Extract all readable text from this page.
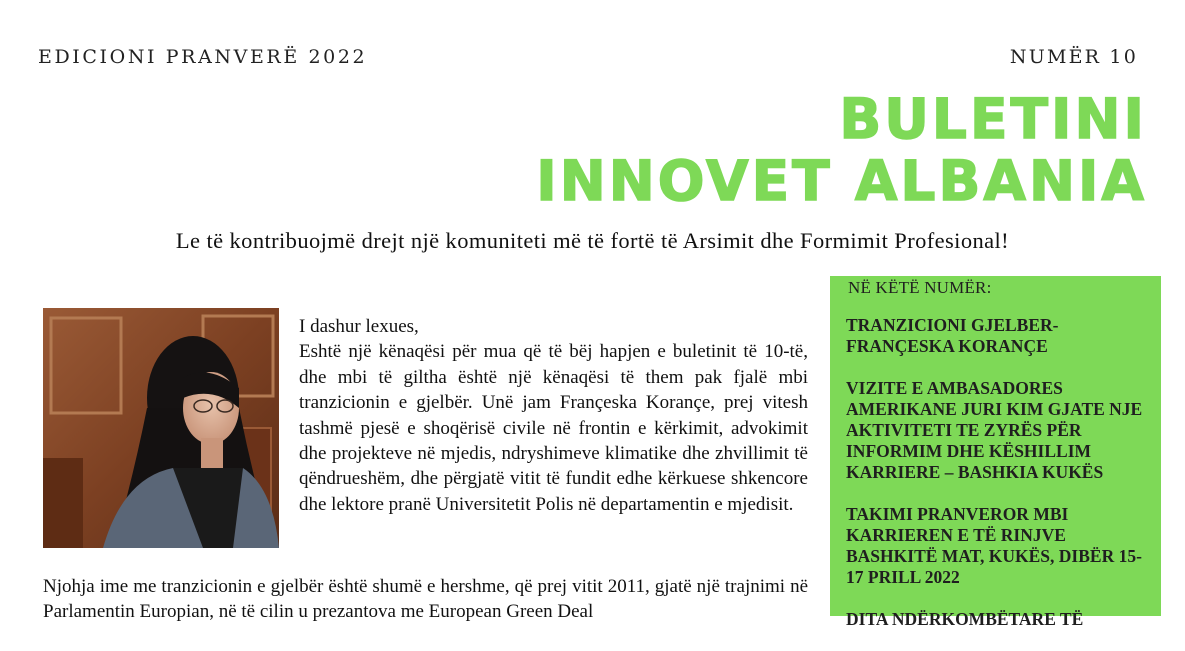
EDICIONI PRANVERË 2022	NUMËR 10
BULETINI
INNOVET ALBANIA
Le të kontribuojmë drejt një komuniteti më të fortë të Arsimit dhe Formimit Profesional!
I dashur lexues,
Eshtë një kënaqësi për mua që të bëj hapjen e buletinit të 10-të, dhe mbi të giltha është një kënaqësi të them pak fjalë mbi tranzicionin e gjelbër. Unë jam Françeska Korançe, prej vitesh tashmë pjesë e shoqërisë civile në frontin e kërkimit, advokimit dhe projekteve në mjedis, ndryshimeve klimatike dhe zhvillimit të qëndrueshëm, dhe përgjatë vitit të fundit edhe kërkuese shkencore dhe lektore pranë Universitetit Polis në departamentin e mjedisit.
Njohja ime me tranzicionin e gjelbër është shumë e hershme, që prej vitit 2011, gjatë një trajnimi në Parlamentin Europian, në të cilin u prezantova me European Green Deal
NË KËTË NUMËR:
TRANZICIONI GJELBER-
FRANÇESKA KORANÇE
VIZITE E AMBASADORES AMERIKANE JURI KIM GJATE NJE AKTIVITETI TE ZYRËS PËR INFORMIM DHE KËSHILLIM KARRIERE – BASHKIA KUKËS
TAKIMI PRANVEROR MBI KARRIEREN E TË RINJVE BASHKITË MAT, KUKËS, DIBËR 15-17 PRILL 2022
DITA NDËRKOMBËTARE TË
